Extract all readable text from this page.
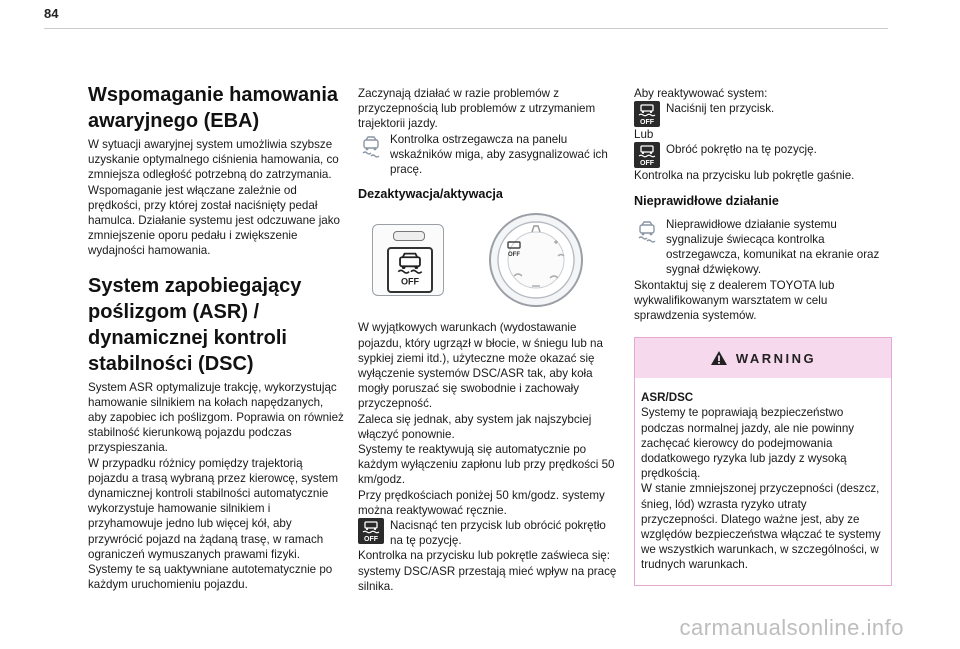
84
Wspomaganie hamowania awaryjnego (EBA)

W sytuacji awaryjnej system umożliwia szybsze uzyskanie optymalnego ciśnienia hamowania, co zmniejsza odległość potrzebną do zatrzymania.

Wspomaganie jest włączane zależnie od prędkości, przy której został naciśnięty pedał hamulca. Działanie systemu jest odczuwane jako zmniejszenie oporu pedału i zwiększenie wydajności hamowania.

System zapobiegający poślizgom (ASR) / dynamicznej kontroli stabilności (DSC)

System ASR optymalizuje trakcję, wykorzystując hamowanie silnikiem na kołach napędzanych, aby zapobiec ich poślizgom. Poprawia on również stabilność kierunkową pojazdu podczas przyspieszania.

W przypadku różnicy pomiędzy trajektorią pojazdu a trasą wybraną przez kierowcę, system dynamicznej kontroli stabilności automatycznie wykorzystuje hamowanie silnikiem i przyhamowuje jedno lub więcej kół, aby przywrócić pojazd na żądaną trasę, w ramach ograniczeń wymuszanych prawami fizyki.

Systemy te są uaktywniane autotematycznie po każdym uruchomieniu pojazdu.

Zaczynają działać w razie problemów z przyczepnością lub problemów z utrzymaniem trajektorii jazdy.

Kontrolka ostrzegawcza na panelu wskaźników miga, aby zasygnalizować ich pracę.
Dezaktywacja/aktywacja
OFF
OFF

W wyjątkowych warunkach (wydostawanie pojazdu, który ugrzązł w błocie, w śniegu lub na sypkiej ziemi itd.), użyteczne może okazać się wyłączenie systemów DSC/ASR tak, aby koła mogły poruszać się swobodnie i zachowały przyczepność.

Zaleca się jednak, aby system jak najszybciej włączyć ponownie.

Systemy te reaktywują się automatycznie po każdym wyłączeniu zapłonu lub przy prędkości 50 km/godz.

Przy prędkościach poniżej 50 km/godz. systemy można reaktywować ręcznie.

OFF
Nacisnąć ten przycisk lub obrócić pokrętło na tę pozycję.

Kontrolka na przycisku lub pokrętle zaświeca się: systemy DSC/ASR przestają mieć wpływ na pracę silnika.

Aby reaktywować system:

OFF
Naciśnij ten przycisk.

Lub

OFF
Obróć pokrętło na tę pozycję.

Kontrolka na przycisku lub pokrętle gaśnie.

Nieprawidłowe działanie
Nieprawidłowe działanie systemu sygnalizuje świecąca kontrolka ostrzegawcza, komunikat na ekranie oraz sygnał dźwiękowy.

Skontaktuj się z dealerem TOYOTA lub wykwalifikowanym warsztatem w celu sprawdzenia systemów.

WARNING

ASR/DSC

Systemy te poprawiają bezpieczeństwo podczas normalnej jazdy, ale nie powinny zachęcać kierowcy do podejmowania dodatkowego ryzyka lub jazdy z wysoką prędkością.

W stanie zmniejszonej przyczepności (deszcz, śnieg, lód) wzrasta ryzyko utraty przyczepności. Dlatego ważne jest, aby ze względów bezpieczeństwa włączać te systemy we wszystkich warunkach, w szczególności, w trudnych warunkach.

carmanualsonline.info
